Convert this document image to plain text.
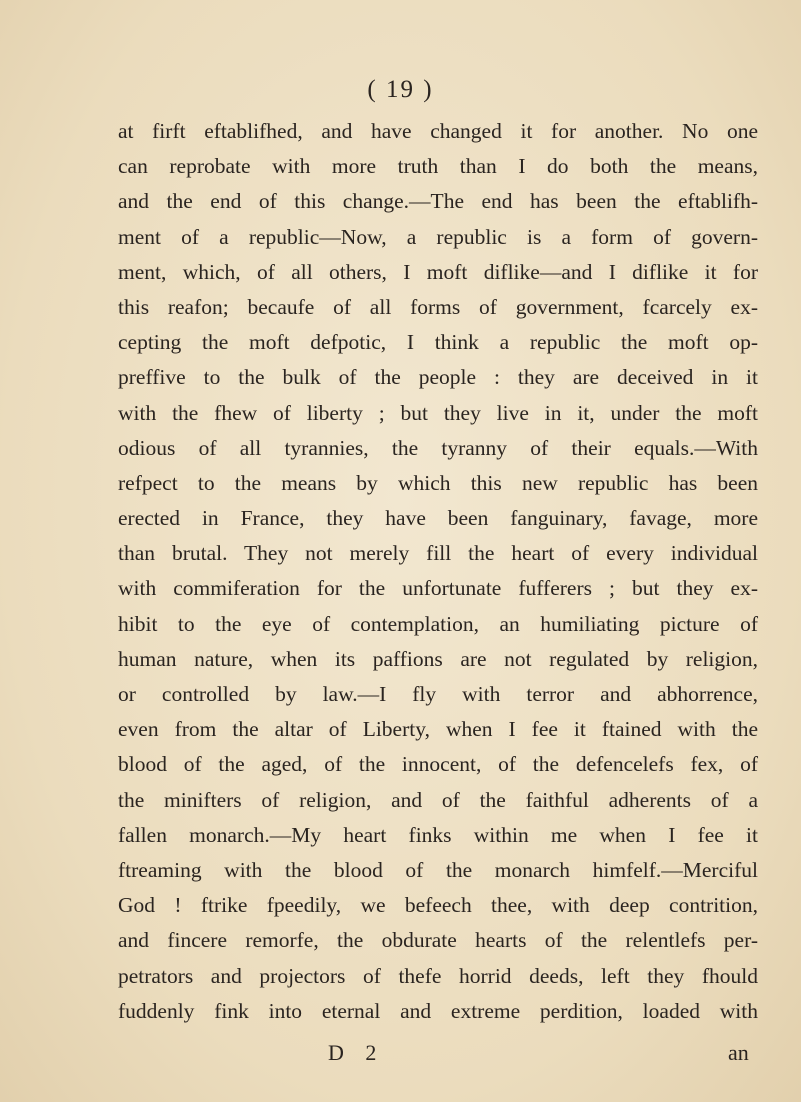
( 19 )
at firft eftablifhed, and have changed it for another. No one
can reprobate with more truth than I do both the means,
and the end of this change.—The end has been the eftablifh-
ment of a republic—Now, a republic is a form of govern-
ment, which, of all others, I moft diflike—and I diflike it for
this reafon; becaufe of all forms of government, fcarcely ex-
cepting the moft defpotic, I think a republic the moft op-
preffive to the bulk of the people : they are deceived in it
with the fhew of liberty ; but they live in it, under the moft
odious of all tyrannies, the tyranny of their equals.—With
refpect to the means by which this new republic has been
erected in France, they have been fanguinary, favage, more
than brutal. They not merely fill the heart of every individual
with commiferation for the unfortunate fufferers ; but they ex-
hibit to the eye of contemplation, an humiliating picture of
human nature, when its paffions are not regulated by religion,
or controlled by law.—I fly with terror and abhorrence,
even from the altar of Liberty, when I fee it ftained with the
blood of the aged, of the innocent, of the defencelefs fex, of
the minifters of religion, and of the faithful adherents of a
fallen monarch.—My heart finks within me when I fee it
ftreaming with the blood of the monarch himfelf.—Merciful
God ! ftrike fpeedily, we befeech thee, with deep contrition,
and fincere remorfe, the obdurate hearts of the relentlefs per-
petrators and projectors of thefe horrid deeds, left they fhould
fuddenly fink into eternal and extreme perdition, loaded with
D 2	an
